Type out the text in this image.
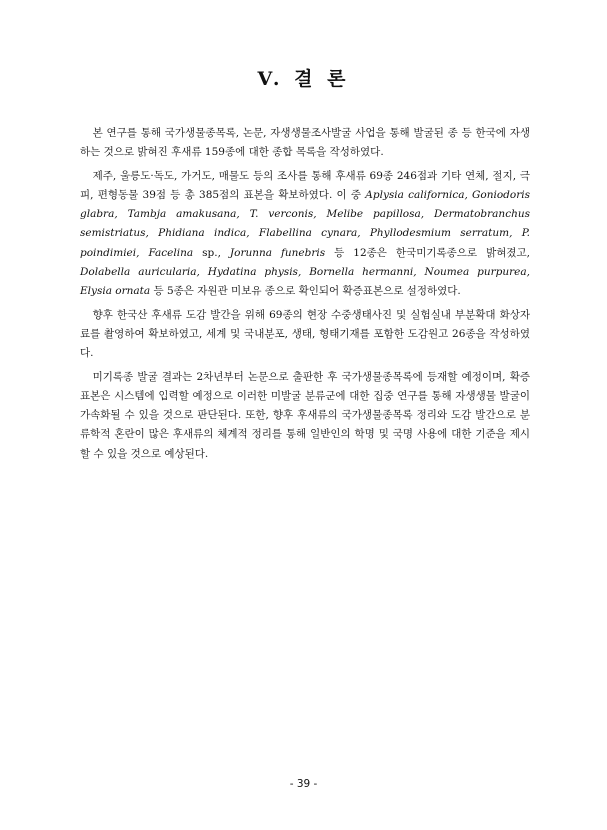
V. 결 론

본 연구를 통해 국가생물종목록, 논문, 자생생물조사발굴 사업을 통해 발굴된 종 등 한국에 자생하는 것으로 밝혀진 후새류 159종에 대한 종합 목록을 작성하였다.

제주, 울릉도·독도, 가거도, 매물도 등의 조사를 통해 후새류 69종 246점과 기타 연체, 절지, 극피, 편형동물 39점 등 총 385점의 표본을 확보하였다. 이 중 Aplysia californica, Goniodoris glabra, Tambja amakusana, T. verconis, Melibe papillosa, Dermatobranchus semistriatus, Phidiana indica, Flabellina cynara, Phyllodesmium serratum, P. poindimiei, Facelina sp., Jorunna funebris 등 12종은 한국미기록종으로 밝혀졌고, Dolabella auricularia, Hydatina physis, Bornella hermanni, Noumea purpurea, Elysia ornata 등 5종은 자원관 미보유 종으로 확인되어 확증표본으로 설정하였다.

향후 한국산 후새류 도감 발간을 위해 69종의 현장 수중생태사진 및 실험실내 부분확대 화상자료를 촬영하여 확보하였고, 세계 및 국내분포, 생태, 형태기재를 포함한 도감원고 26종을 작성하였다.

미기록종 발굴 결과는 2차년부터 논문으로 출판한 후 국가생물종목록에 등재할 예정이며, 확증표본은 시스템에 입력할 예정으로 이러한 미발굴 분류군에 대한 집중 연구를 통해 자생생물 발굴이 가속화될 수 있을 것으로 판단된다. 또한, 향후 후새류의 국가생물종목록 정리와 도감 발간으로 분류학적 혼란이 많은 후새류의 체계적 정리를 통해 일반인의 학명 및 국명 사용에 대한 기준을 제시할 수 있을 것으로 예상된다.

- 39 -
